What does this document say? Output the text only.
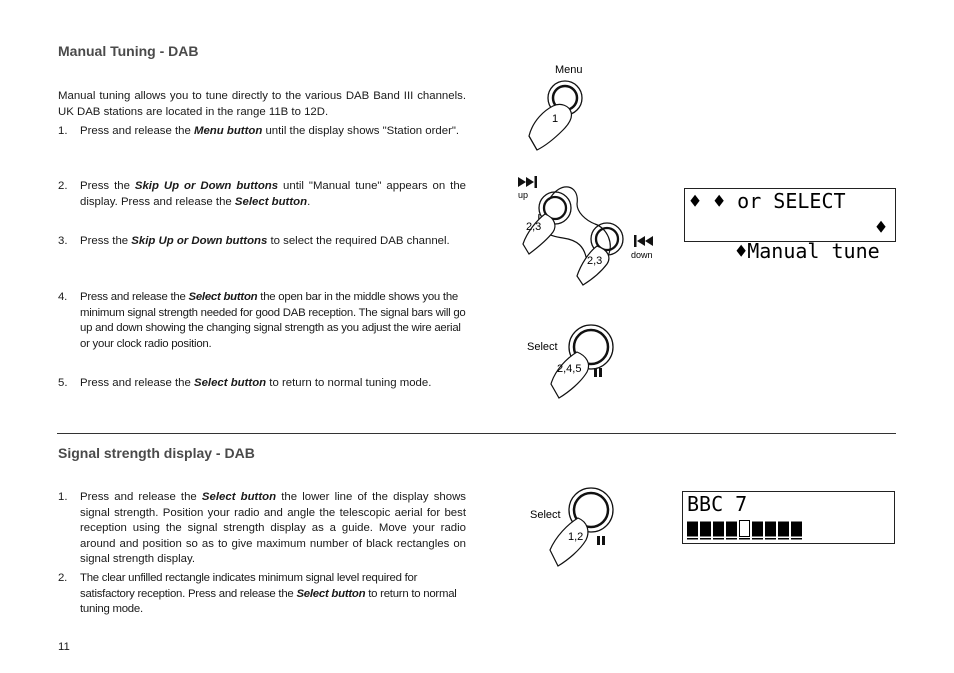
Manual Tuning - DAB
Manual tuning allows you to tune directly to the various DAB Band III channels. UK DAB stations are located in the range 11B to 12D.
1. Press and release the Menu button until the display shows "Station order".
2. Press the Skip Up or Down buttons until "Manual tune" appears on the display. Press and release the Select button.
3. Press the Skip Up or Down buttons to select the required DAB channel.
4. Press and release the Select button the open bar in the middle shows you the minimum signal strength needed for good DAB reception. The signal bars will go up and down showing the changing signal strength as you adjust the wire aerial or your clock radio position.
5. Press and release the Select button to return to normal tuning mode.
Menu
1
up
2,3
2,3	down
Select
2,4,5
♦ ♦ or SELECT

♦Manual tune

♦
Signal strength display - DAB
1. Press and release the Select button the lower line of the display shows signal strength. Position your radio and angle the telescopic aerial for best reception using the signal strength display as a guide. Move your radio around and position so as to give maximum number of black rectangles on signal strength display.
2. The clear unfilled rectangle indicates minimum signal level required for satisfactory reception. Press and release the Select button to return to normal tuning mode.
Select
1,2
BBC 7
11
